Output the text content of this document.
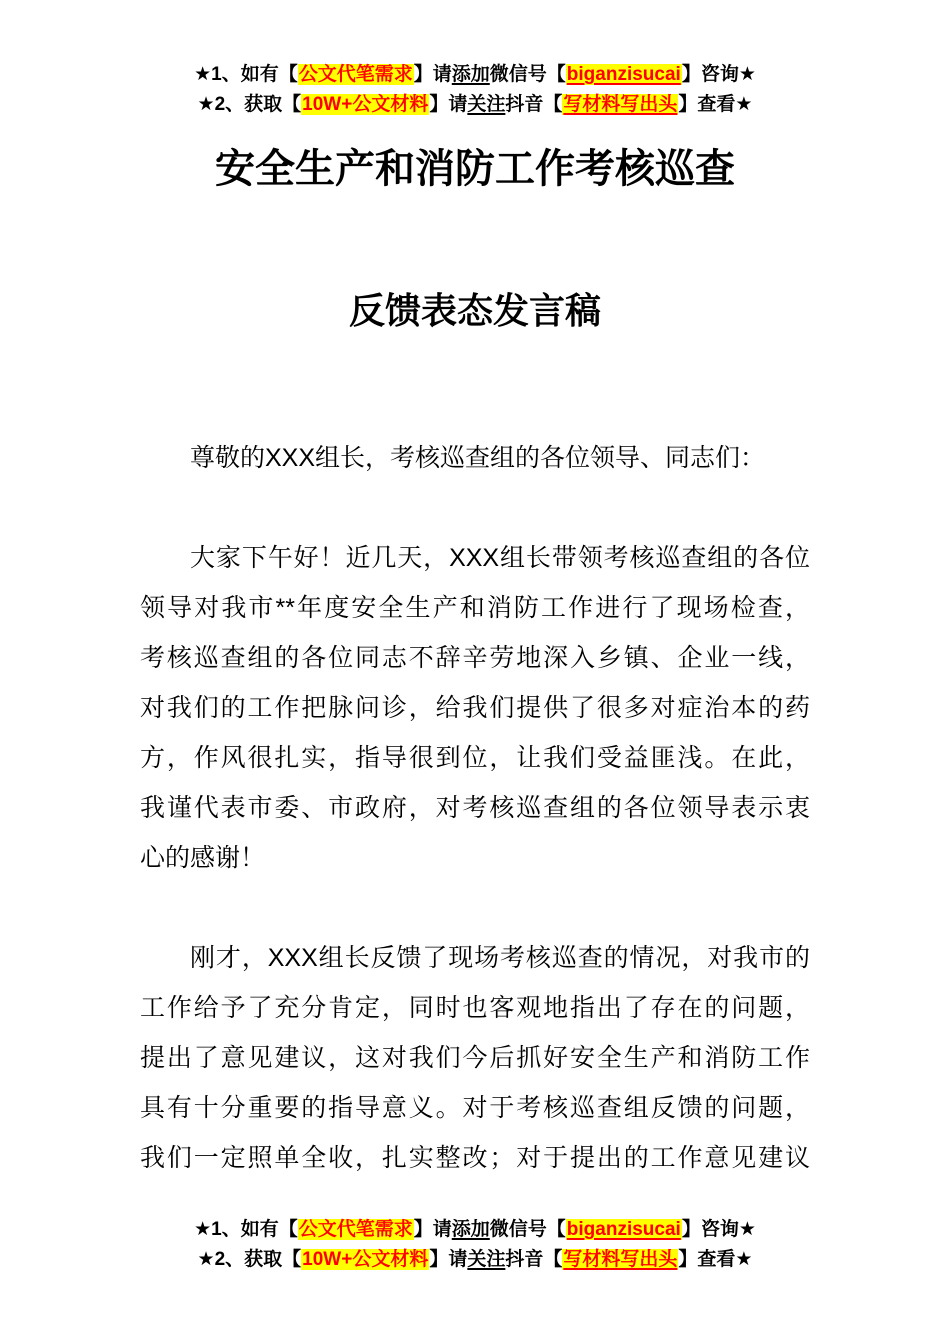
★1、如有【公文代笔需求】请添加微信号【biganzisucai】咨询★
★2、获取【10W+公文材料】请关注抖音【写材料写出头】查看★
安全生产和消防工作考核巡查
反馈表态发言稿
尊敬的XXX组长，考核巡查组的各位领导、同志们：
大家下午好！近几天，XXX组长带领考核巡查组的各位
领导对我市**年度安全生产和消防工作进行了现场检查，
考核巡查组的各位同志不辞辛劳地深入乡镇、企业一线，
对我们的工作把脉问诊，给我们提供了很多对症治本的药
方，作风很扎实，指导很到位，让我们受益匪浅。在此，
我谨代表市委、市政府，对考核巡查组的各位领导表示衷
心的感谢！
刚才，XXX组长反馈了现场考核巡查的情况，对我市的
工作给予了充分肯定，同时也客观地指出了存在的问题，
提出了意见建议，这对我们今后抓好安全生产和消防工作
具有十分重要的指导意义。对于考核巡查组反馈的问题，
我们一定照单全收，扎实整改；对于提出的工作意见建议
★1、如有【公文代笔需求】请添加微信号【biganzisucai】咨询★
★2、获取【10W+公文材料】请关注抖音【写材料写出头】查看★
